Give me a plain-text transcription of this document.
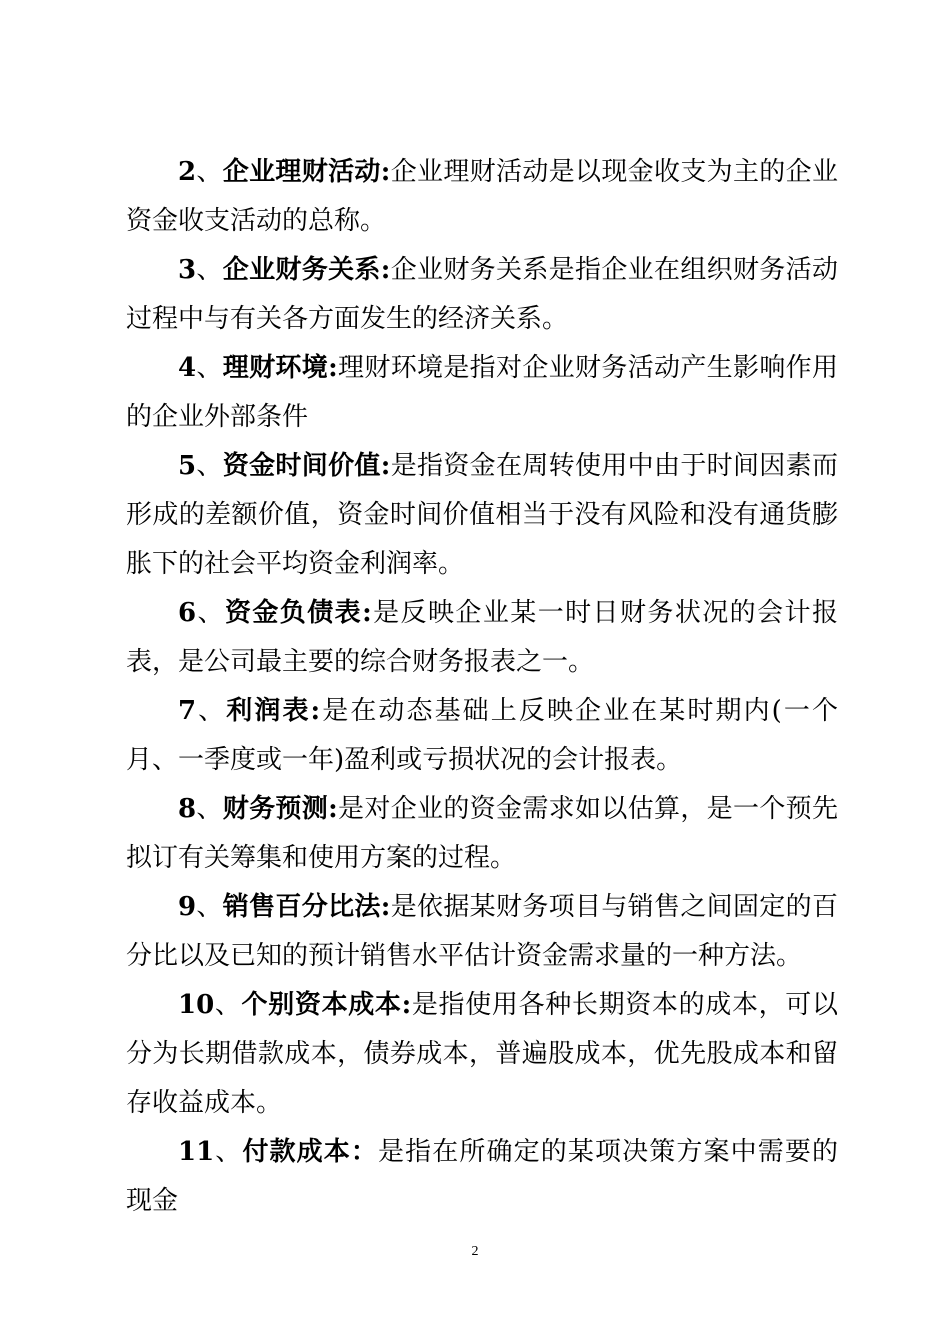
2、企业理财活动:企业理财活动是以现金收支为主的企业资金收支活动的总称。

3、企业财务关系:企业财务关系是指企业在组织财务活动过程中与有关各方面发生的经济关系。

4、理财环境:理财环境是指对企业财务活动产生影响作用的企业外部条件

5、资金时间价值:是指资金在周转使用中由于时间因素而形成的差额价值，资金时间价值相当于没有风险和没有通货膨胀下的社会平均资金利润率。

6、资金负债表:是反映企业某一时日财务状况的会计报表，是公司最主要的综合财务报表之一。

7、利润表:是在动态基础上反映企业在某时期内(一个月、一季度或一年)盈利或亏损状况的会计报表。

8、财务预测:是对企业的资金需求如以估算，是一个预先拟订有关筹集和使用方案的过程。

9、销售百分比法:是依据某财务项目与销售之间固定的百分比以及已知的预计销售水平估计资金需求量的一种方法。

10、个别资本成本:是指使用各种长期资本的成本，可以分为长期借款成本，债券成本，普遍股成本，优先股成本和留存收益成本。

11、付款成本：是指在所确定的某项决策方案中需要的现金

2
